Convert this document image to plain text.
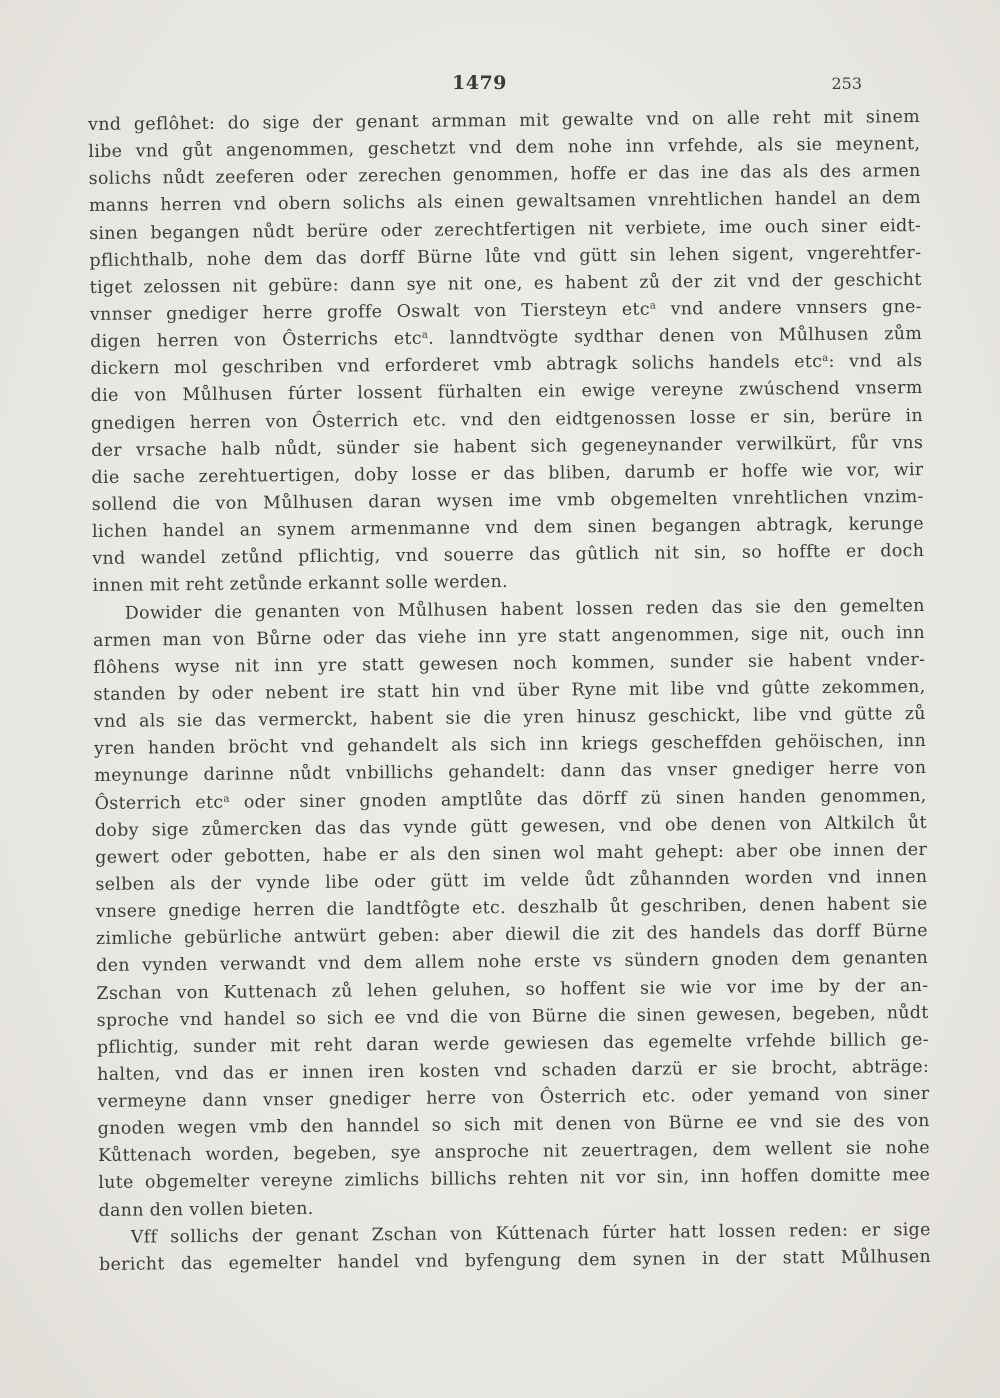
1479	253
vnd geflôhet: do sige der genant armman mit gewalte vnd on alle reht mit sinem
libe vnd gůt angenommen, geschetzt vnd dem nohe inn vrfehde, als sie meynent,
solichs nůdt zeeferen oder zerechen genommen, hoffe er das ine das als des armen
manns herren vnd obern solichs als einen gewaltsamen vnrehtlichen handel an dem
sinen begangen nůdt berüre oder zerechtfertigen nit verbiete, ime ouch siner eidt-
pflichthalb, nohe dem das dorff Bürne lůte vnd gütt sin lehen sigent, vngerehtfer-
tiget zelossen nit gebüre: dann sye nit one, es habent zů der zit vnd der geschicht
vnnser gnediger herre groffe Oswalt von Tiersteyn etc$^a$ vnd andere vnnsers gne-
digen herren von Ôsterrichs etc$^a$. lanndtvögte sydthar denen von Můlhusen zům
dickern mol geschriben vnd erforderet vmb abtragk solichs handels etc$^a$: vnd als
die von Můlhusen fúrter lossent fürhalten ein ewige vereyne zwúschend vnserm
gnedigen herren von Ôsterrich etc. vnd den eidtgenossen losse er sin, berüre in
der vrsache halb nůdt, sünder sie habent sich gegeneynander verwilkürt, fůr vns
die sache zerehtuertigen, doby losse er das bliben, darumb er hoffe wie vor, wir
sollend die von Můlhusen daran wysen ime vmb obgemelten vnrehtlichen vnzim-
lichen handel an synem armenmanne vnd dem sinen begangen abtragk, kerunge
vnd wandel zetůnd pflichtig, vnd souerre das gûtlich nit sin, so hoffte er doch
innen mit reht zetůnde erkannt solle werden.
Dowider die genanten von Můlhusen habent lossen reden das sie den gemelten
armen man von Bůrne oder das viehe inn yre statt angenommen, sige nit, ouch inn
flôhens wyse nit inn yre statt gewesen noch kommen, sunder sie habent vnder-
standen by oder nebent ire statt hin vnd über Ryne mit libe vnd gûtte zekommen,
vnd als sie das vermerckt, habent sie die yren hinusz geschickt, libe vnd gütte zů
yren handen bröcht vnd gehandelt als sich inn kriegs gescheffden gehöischen, inn
meynunge darinne nůdt vnbillichs gehandelt: dann das vnser gnediger herre von
Ôsterrich etc$^a$ oder siner gnoden amptlůte das dörff zü sinen handen genommen,
doby sige zůmercken das das vynde gütt gewesen, vnd obe denen von Altkilch ůt
gewert oder gebotten, habe er als den sinen wol maht gehept: aber obe innen der
selben als der vynde libe oder gütt im velde ůdt zůhannden worden vnd innen
vnsere gnedige herren die landtfôgte etc. deszhalb ůt geschriben, denen habent sie
zimliche gebürliche antwürt geben: aber diewil die zit des handels das dorff Bürne
den vynden verwandt vnd dem allem nohe erste vs sündern gnoden dem genanten
Zschan von Kuttenach zů lehen geluhen, so hoffent sie wie vor ime by der an-
sproche vnd handel so sich ee vnd die von Bürne die sinen gewesen, begeben, nůdt
pflichtig, sunder mit reht daran werde gewiesen das egemelte vrfehde billich ge-
halten, vnd das er innen iren kosten vnd schaden darzü er sie brocht, abträge:
vermeyne dann vnser gnediger herre von Ôsterrich etc. oder yemand von siner
gnoden wegen vmb den hanndel so sich mit denen von Bürne ee vnd sie des von
Kůttenach worden, begeben, sye ansproche nit zeuertragen, dem wellent sie nohe
lute obgemelter vereyne zimlichs billichs rehten nit vor sin, inn hoffen domitte mee
dann den vollen bieten.
Vff sollichs der genant Zschan von Kúttenach fúrter hatt lossen reden: er sige
bericht das egemelter handel vnd byfengung dem synen in der statt Můlhusen
